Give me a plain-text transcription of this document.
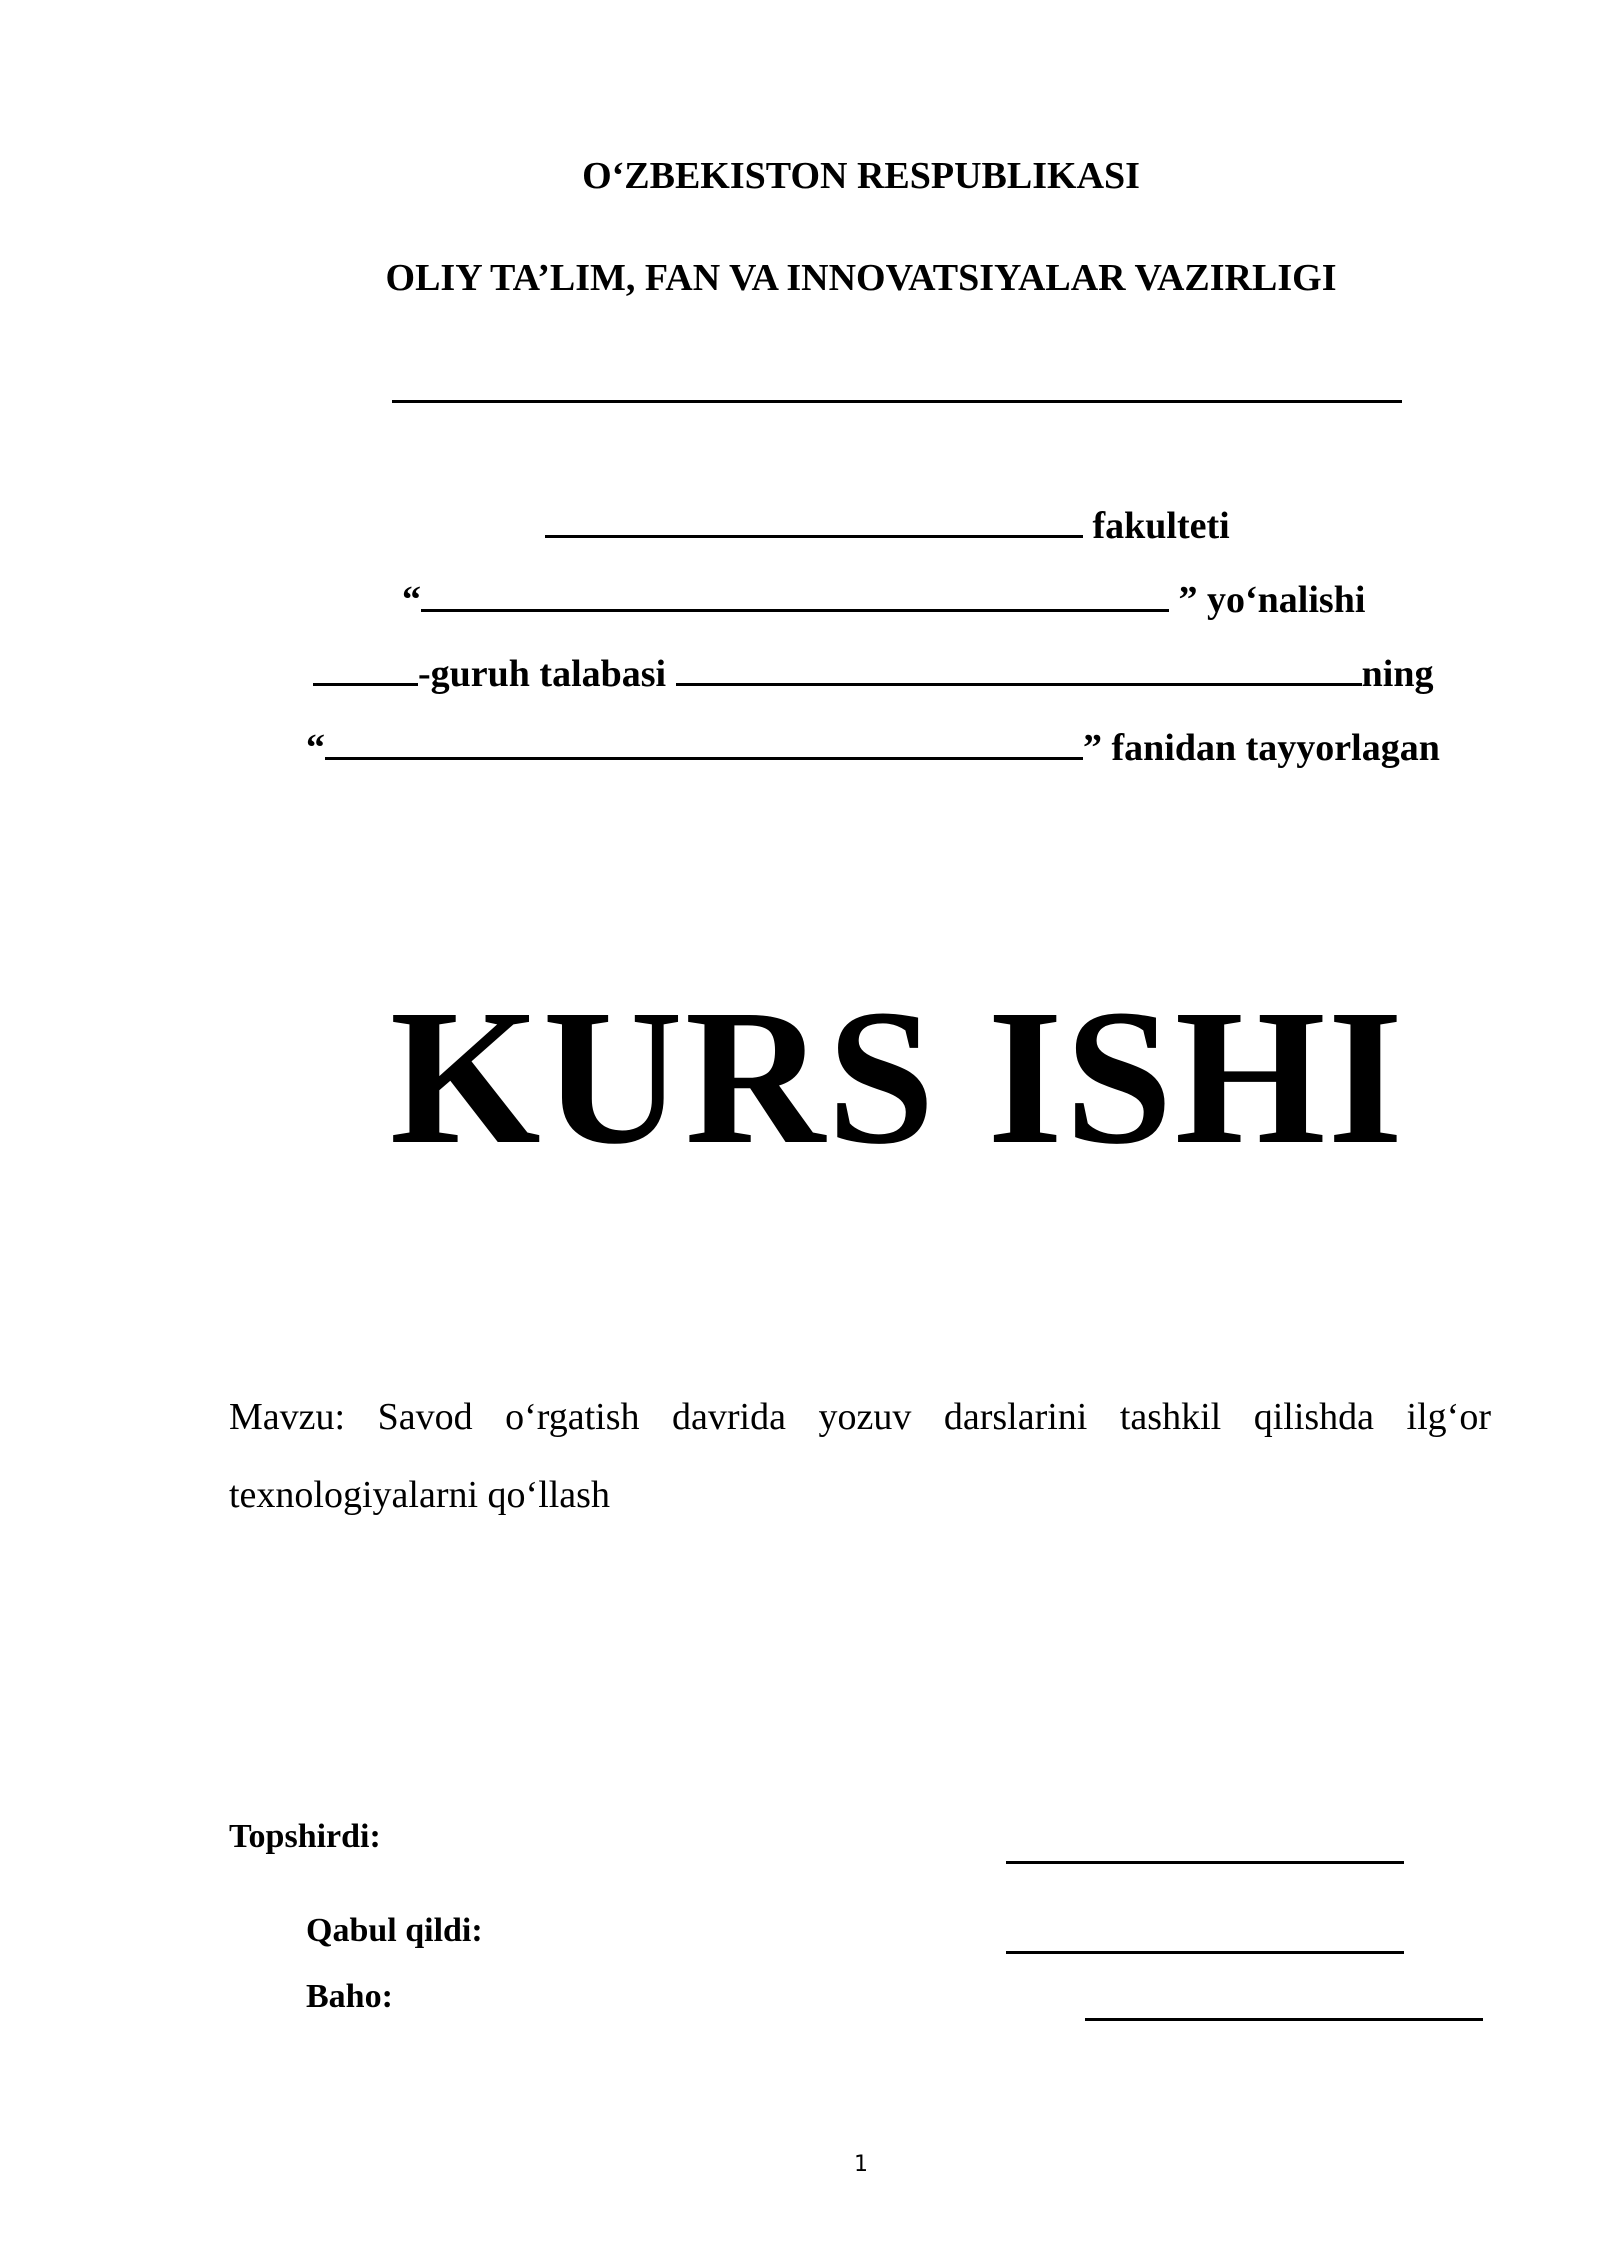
O‘ZBEKISTON RESPUBLIKASI
OLIY TA’LIM, FAN VA INNOVATSIYALAR VAZIRLIGI
fakulteti
“	” yo‘nalishi
-guruh talabasi	ning
“	” fanidan tayyorlagan
KURS ISHI
Mavzu: Savod o‘rgatish davrida yozuv darslarini tashkil qilishda ilg‘or texnologiyalarni qo‘llash
Topshirdi:
Qabul qildi:
Baho:
1
